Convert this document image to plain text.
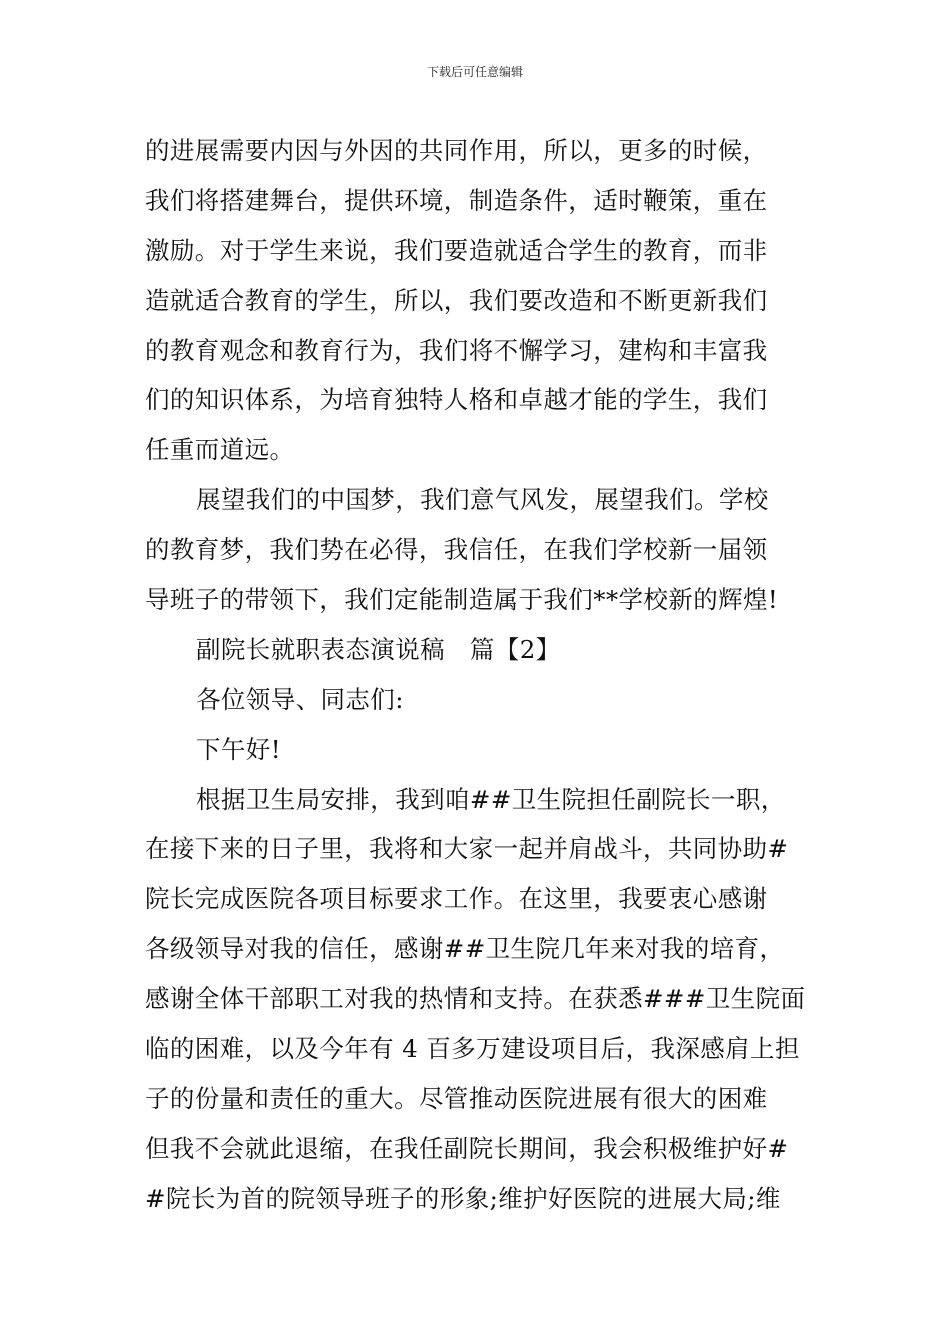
下载后可任意编辑
的进展需要内因与外因的共同作用，所以，更多的时候，
我们将搭建舞台，提供环境，制造条件，适时鞭策，重在
激励。对于学生来说，我们要造就适合学生的教育，而非
造就适合教育的学生，所以，我们要改造和不断更新我们
的教育观念和教育行为，我们将不懈学习，建构和丰富我
们的知识体系，为培育独特人格和卓越才能的学生，我们
任重而道远。
展望我们的中国梦，我们意气风发，展望我们。学校
的教育梦，我们势在必得，我信任，在我们学校新一届领
导班子的带领下，我们定能制造属于我们**学校新的辉煌!
副院长就职表态演说稿　篇【2】
各位领导、同志们:
下午好!
根据卫生局安排，我到咱##卫生院担任副院长一职，
在接下来的日子里，我将和大家一起并肩战斗，共同协助#
院长完成医院各项目标要求工作。在这里，我要衷心感谢
各级领导对我的信任，感谢##卫生院几年来对我的培育，
感谢全体干部职工对我的热情和支持。在获悉###卫生院面
临的困难，以及今年有 4 百多万建设项目后，我深感肩上担
子的份量和责任的重大。尽管推动医院进展有很大的困难
但我不会就此退缩，在我任副院长期间，我会积极维护好#
#院长为首的院领导班子的形象;维护好医院的进展大局;维
